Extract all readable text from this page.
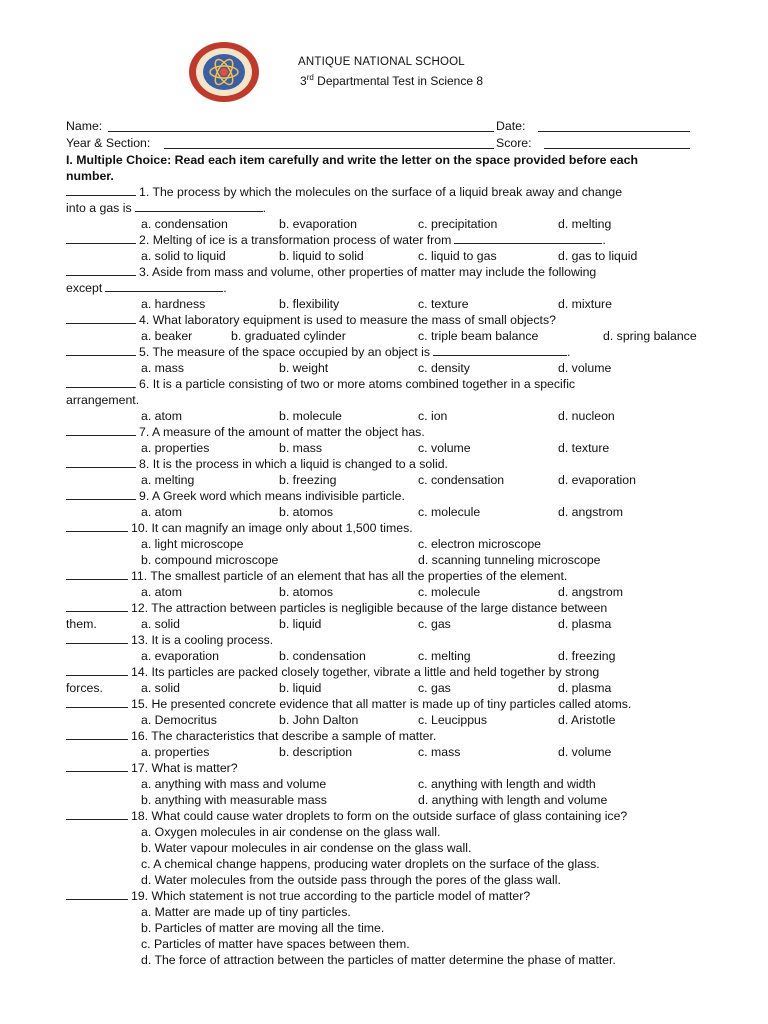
ANTIQUE NATIONAL SCHOOL
3rd Departmental Test in Science 8
Name:	Date:
Year & Section:	Score:
I. Multiple Choice: Read each item carefully and write the letter on the space provided before each
number.
1. The process by which the molecules on the surface of a liquid break away and change
into a gas is	.
a. condensation	b. evaporation	c. precipitation	d. melting
2. Melting of ice is a transformation process of water from	.
a. solid to liquid	b. liquid to solid	c. liquid to gas	d. gas to liquid
3. Aside from mass and volume, other properties of matter may include the following
except	.
a. hardness	b. flexibility	c. texture	d. mixture
4. What laboratory equipment is used to measure the mass of small objects?
a. beaker	b. graduated cylinder	c. triple beam balance	d. spring balance
5. The measure of the space occupied by an object is	.
a. mass	b. weight	c. density	d. volume
6. It is a particle consisting of two or more atoms combined together in a specific
arrangement.
a. atom	b. molecule	c. ion	d. nucleon
7. A measure of the amount of matter the object has.
a. properties	b. mass	c. volume	d. texture
8. It is the process in which a liquid is changed to a solid.
a. melting	b. freezing	c. condensation	d. evaporation
9. A Greek word which means indivisible particle.
a. atom	b. atomos	c. molecule	d. angstrom
10. It can magnify an image only about 1,500 times.
a. light microscope	c. electron microscope
b. compound microscope	d. scanning tunneling microscope
11. The smallest particle of an element that has all the properties of the element.
a. atom	b. atomos	c. molecule	d. angstrom
12. The attraction between particles is negligible because of the large distance between
them.	a. solid	b. liquid	c. gas	d. plasma
13. It is a cooling process.
a. evaporation	b. condensation	c. melting	d. freezing
14. Its particles are packed closely together, vibrate a little and held together by strong
forces.	a. solid	b. liquid	c. gas	d. plasma
15. He presented concrete evidence that all matter is made up of tiny particles called atoms.
a. Democritus	b. John Dalton	c. Leucippus	d. Aristotle
16. The characteristics that describe a sample of matter.
a. properties	b. description	c. mass	d. volume
17. What is matter?
a. anything with mass and volume	c. anything with length and width
b. anything with measurable mass	d. anything with length and volume
18. What could cause water droplets to form on the outside surface of glass containing ice?
a. Oxygen molecules in air condense on the glass wall.
b. Water vapour molecules in air condense on the glass wall.
c. A chemical change happens, producing water droplets on the surface of the glass.
d. Water molecules from the outside pass through the pores of the glass wall.
19. Which statement is not true according to the particle model of matter?
a. Matter are made up of tiny particles.
b. Particles of matter are moving all the time.
c. Particles of matter have spaces between them.
d. The force of attraction between the particles of matter determine the phase of matter.
